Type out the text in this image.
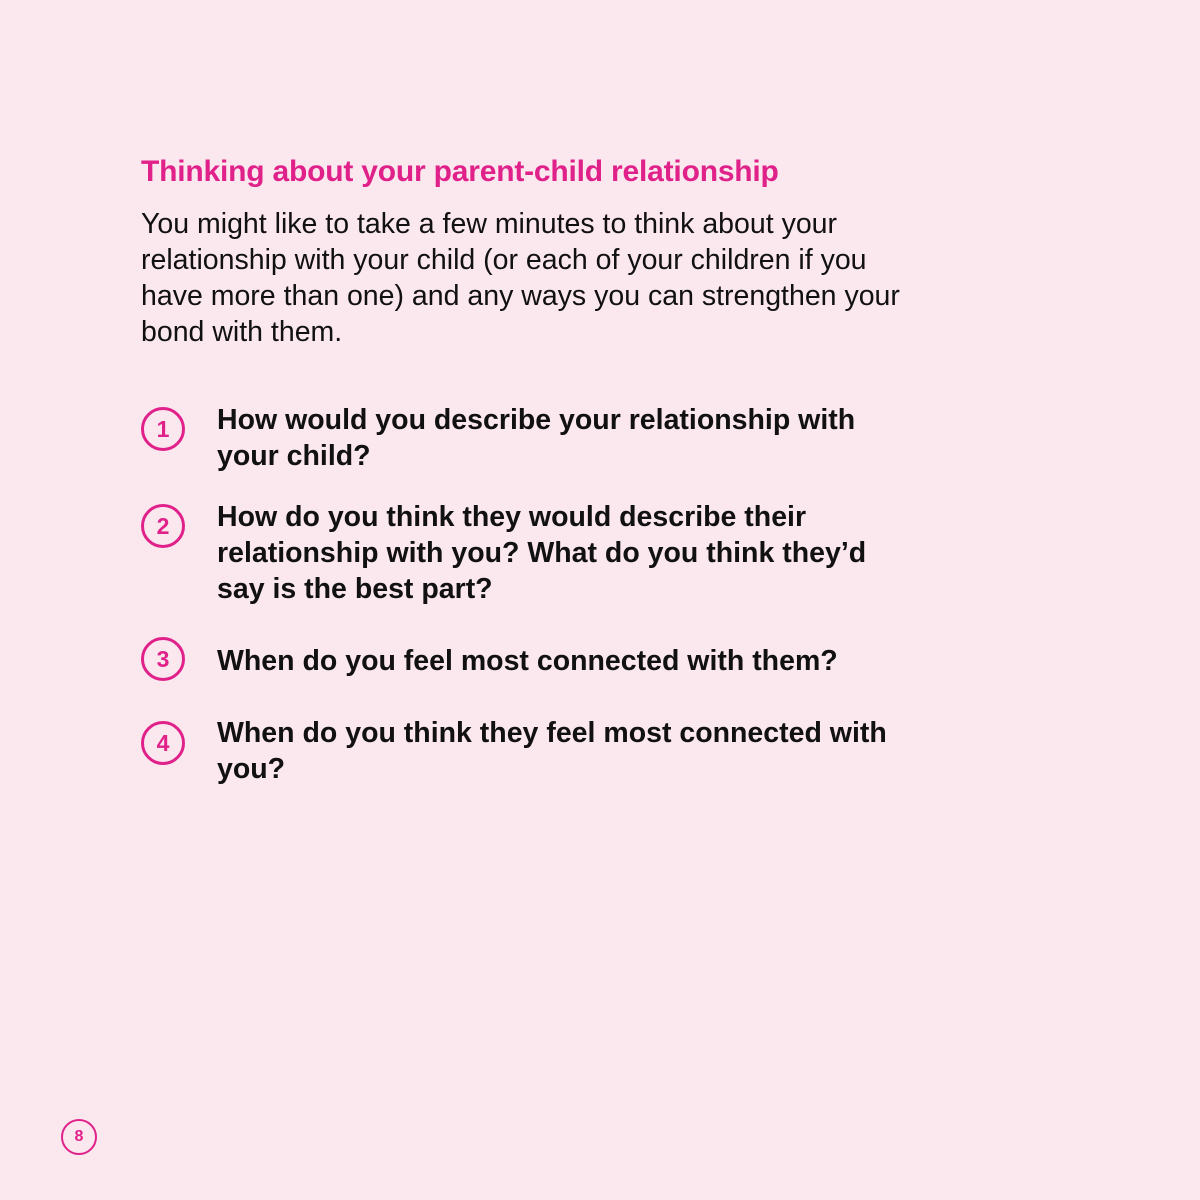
Thinking about your parent-child relationship

You might like to take a few minutes to think about your relationship with your child (or each of your children if you have more than one) and any ways you can strengthen your bond with them.

1	How would you describe your relationship with your child?
2	How do you think they would describe their relationship with you? What do you think they’d say is the best part?
3	When do you feel most connected with them?
4	When do you think they feel most connected with you?
8
